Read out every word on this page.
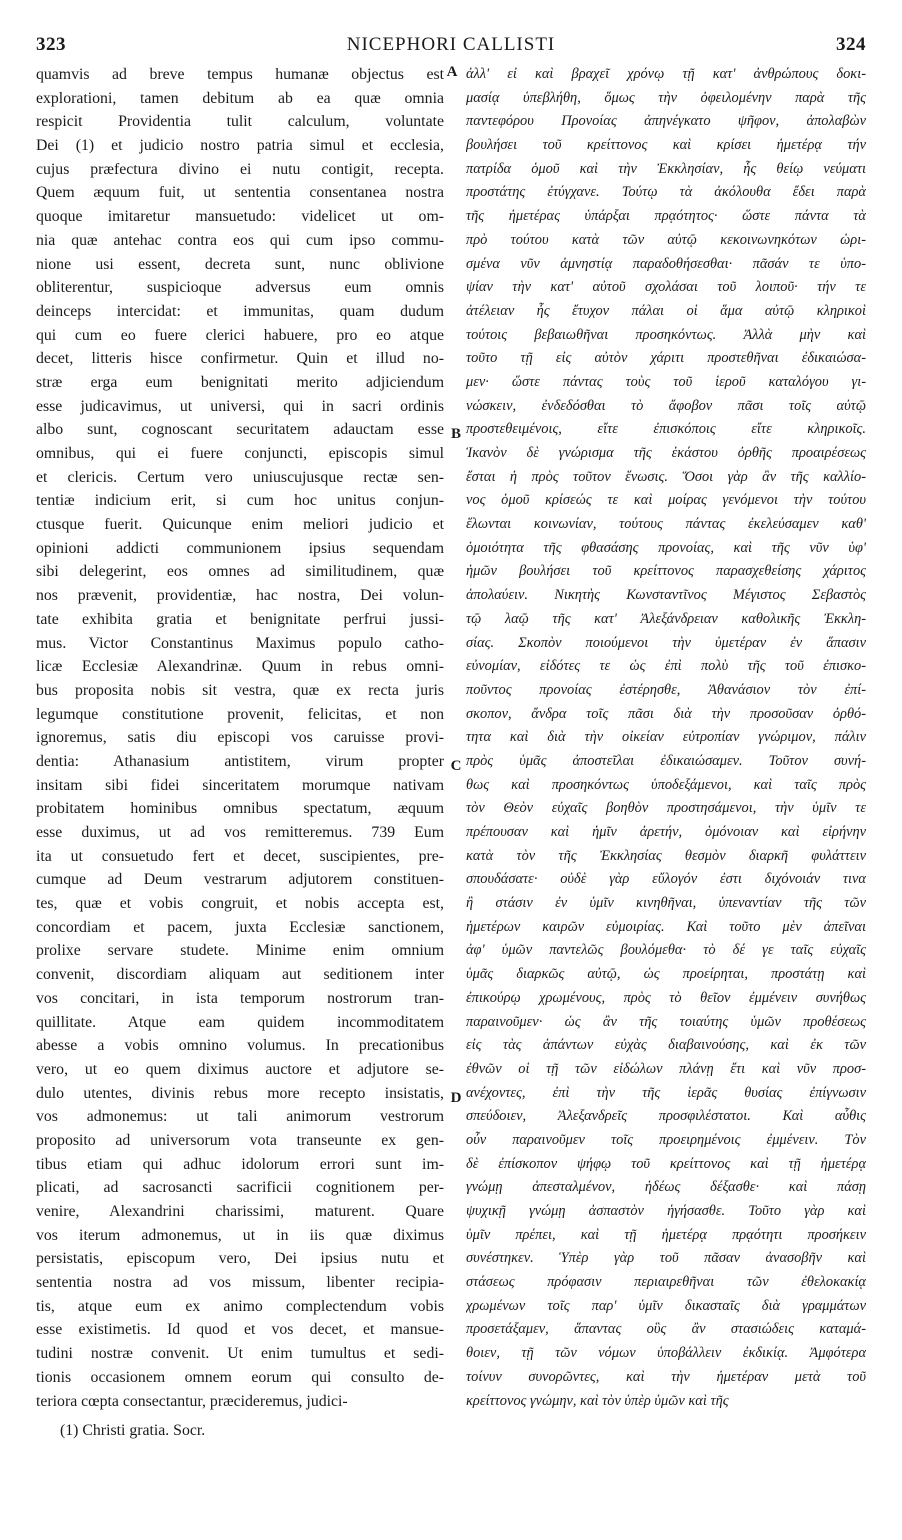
323	NICEPHORI CALLISTI	324
quamvis ad breve tempus humanæ objectus est
explorationi, tamen debitum ab ea quæ omnia
respicit Providentia tulit calculum, voluntate
Dei (1) et judicio nostro patria simul et ecclesia,
cujus præfectura divino ei nutu contigit, recepta.
Quem æquum fuit, ut sententia consentanea nostra
quoque imitaretur mansuetudo: videlicet ut om-
nia quæ antehac contra eos qui cum ipso commu-
nione usi essent, decreta sunt, nunc oblivione
obliterentur, suspicioque adversus eum omnis
deinceps intercidat: et immunitas, quam dudum
qui cum eo fuere clerici habuere, pro eo atque
decet, litteris hisce confirmetur. Quin et illud no-
stræ erga eum benignitati merito adjiciendum
esse judicavimus, ut universi, qui in sacri ordinis
albo sunt, cognoscant securitatem adauctam esse
omnibus, qui ei fuere conjuncti, episcopis simul
et clericis. Certum vero uniuscujusque rectæ sen-
tentiæ indicium erit, si cum hoc unitus conjun-
ctusque fuerit. Quicunque enim meliori judicio et
opinioni addicti communionem ipsius sequendam
sibi delegerint, eos omnes ad similitudinem, quæ
nos prævenit, providentiæ, hac nostra, Dei volun-
tate exhibita gratia et benignitate perfrui jussi-
mus. Victor Constantinus Maximus populo catho-
licæ Ecclesiæ Alexandrinæ. Quum in rebus omni-
bus proposita nobis sit vestra, quæ ex recta juris
legumque constitutione provenit, felicitas, et non
ignoremus, satis diu episcopi vos caruisse provi-
dentia: Athanasium antistitem, virum propter
insitam sibi fidei sinceritatem morumque nativam
probitatem hominibus omnibus spectatum, æquum
esse duximus, ut ad vos remitteremus. 739 Eum
ita ut consuetudo fert et decet, suscipientes, pre-
cumque ad Deum vestrarum adjutorem constituen-
tes, quæ et vobis congruit, et nobis accepta est,
concordiam et pacem, juxta Ecclesiæ sanctionem,
prolixe servare studete. Minime enim omnium
convenit, discordiam aliquam aut seditionem inter
vos concitari, in ista temporum nostrorum tran-
quillitate. Atque eam quidem incommoditatem
abesse a vobis omnino volumus. In precationibus
vero, ut eo quem diximus auctore et adjutore se-
dulo utentes, divinis rebus more recepto insistatis,
vos admonemus: ut tali animorum vestrorum
proposito ad universorum vota transeunte ex gen-
tibus etiam qui adhuc idolorum errori sunt im-
plicati, ad sacrosancti sacrificii cognitionem per-
venire, Alexandrini charissimi, maturent. Quare
vos iterum admonemus, ut in iis quæ diximus
persistatis, episcopum vero, Dei ipsius nutu et
sententia nostra ad vos missum, libenter recipia-
tis, atque eum ex animo complectendum vobis
esse existimetis. Id quod et vos decet, et mansue-
tudini nostræ convenit. Ut enim tumultus et sedi-
tionis occasionem omnem eorum qui consulto de-
teriora cœpta consectantur, præcideremus, judici-
A
B
C
D
ἀλλ' εἰ καὶ βραχεῖ χρόνῳ τῇ κατ' ἀνθρώπους δοκι-
μασίᾳ ὑπεβλήθη, ὅμως τὴν ὀφειλομένην παρὰ τῆς
παντεφόρου Προνοίας ἀπηνέγκατο ψῆφον, ἀπολαβὼν
βουλήσει τοῦ κρείττονος καὶ κρίσει ἡμετέρᾳ τήν
πατρίδα ὁμοῦ καὶ τὴν Ἐκκλησίαν, ἧς θείῳ νεύματι
προστάτης ἐτύγχανε. Τούτῳ τὰ ἀκόλουθα ἔδει παρὰ
τῆς ἡμετέρας ὑπάρξαι πρᾳότητος· ὥστε πάντα τὰ
πρὸ τούτου κατὰ τῶν αὐτῷ κεκοινωνηκότων ὡρι-
σμένα νῦν ἀμνηστίᾳ παραδοθήσεσθαι· πᾶσάν τε ὑπο-
ψίαν τὴν κατ' αὐτοῦ σχολάσαι τοῦ λοιποῦ· τήν τε
ἀτέλειαν ἧς ἔτυχον πάλαι οἱ ἅμα αὐτῷ κληρικοὶ
τούτοις βεβαιωθῆναι προσηκόντως. Ἀλλὰ μὴν καὶ
τοῦτο τῇ εἰς αὐτὸν χάριτι προστεθῆναι ἐδικαιώσα-
μεν· ὥστε πάντας τοὺς τοῦ ἱεροῦ καταλόγου γι-
νώσκειν, ἐνδεδόσθαι τὸ ἄφοβον πᾶσι τοῖς αὐτῷ
προστεθειμένοις, εἴτε ἐπισκόποις εἴτε κληρικοῖς.
Ἱκανὸν δὲ γνώρισμα τῆς ἑκάστου ὀρθῆς προαιρέσεως
ἔσται ἡ πρὸς τοῦτον ἕνωσις. Ὅσοι γὰρ ἂν τῆς καλλίο-
νος ὁμοῦ κρίσεώς τε καὶ μοίρας γενόμενοι τὴν τούτου
ἕλωνται κοινωνίαν, τούτους πάντας ἐκελεύσαμεν καθ'
ὁμοιότητα τῆς φθασάσης προνοίας, καὶ τῆς νῦν ὑφ'
ἡμῶν βουλήσει τοῦ κρείττονος παρασχεθείσης χάριτος
ἀπολαύειν. Νικητὴς Κωνσταντῖνος Μέγιστος Σεβαστὸς
τῷ λαῷ τῆς κατ' Ἀλεξάνδρειαν καθολικῆς Ἐκκλη-
σίας. Σκοπὸν ποιούμενοι τὴν ὑμετέραν ἐν ἅπασιν
εὐνομίαν, εἰδότες τε ὡς ἐπὶ πολὺ τῆς τοῦ ἐπισκο-
ποῦντος προνοίας ἐστέρησθε, Ἀθανάσιον τὸν ἐπί-
σκοπον, ἄνδρα τοῖς πᾶσι διὰ τὴν προσοῦσαν ὀρθό-
τητα καὶ διὰ τὴν οἰκείαν εὐτροπίαν γνώριμον, πάλιν
πρὸς ὑμᾶς ἀποστεῖλαι ἐδικαιώσαμεν. Τοῦτον συνή-
θως καὶ προσηκόντως ὑποδεξάμενοι, καὶ ταῖς πρὸς
τὸν Θεὸν εὐχαῖς βοηθὸν προστησάμενοι, τὴν ὑμῖν τε
πρέπουσαν καὶ ἡμῖν ἀρετήν, ὁμόνοιαν καὶ εἰρήνην
κατὰ τὸν τῆς Ἐκκλησίας θεσμὸν διαρκῆ φυλάττειν
σπουδάσατε· οὐδὲ γὰρ εὔλογόν ἐστι διχόνοιάν τινα
ἢ στάσιν ἐν ὑμῖν κινηθῆναι, ὑπεναντίαν τῆς τῶν
ἡμετέρων καιρῶν εὐμοιρίας. Καὶ τοῦτο μὲν ἀπεῖναι
ἀφ' ὑμῶν παντελῶς βουλόμεθα· τὸ δέ γε ταῖς εὐχαῖς
ὑμᾶς διαρκῶς αὐτῷ, ὡς προείρηται, προστάτῃ καὶ
ἐπικούρῳ χρωμένους, πρὸς τὸ θεῖον ἐμμένειν συνήθως
παραινοῦμεν· ὡς ἂν τῆς τοιαύτης ὑμῶν προθέσεως
εἰς τὰς ἁπάντων εὐχὰς διαβαινούσης, καὶ ἐκ τῶν
ἐθνῶν οἱ τῇ τῶν εἰδώλων πλάνῃ ἔτι καὶ νῦν προσ-
ανέχοντες, ἐπὶ τὴν τῆς ἱερᾶς θυσίας ἐπίγνωσιν
σπεύδοιεν, Ἀλεξανδρεῖς προσφιλέστατοι. Καὶ αὖθις
οὖν παραινοῦμεν τοῖς προειρημένοις ἐμμένειν. Τὸν
δὲ ἐπίσκοπον ψήφῳ τοῦ κρείττονος καὶ τῇ ἡμετέρᾳ
γνώμῃ ἀπεσταλμένον, ἡδέως δέξασθε· καὶ πάσῃ
ψυχικῇ γνώμῃ ἀσπαστὸν ἡγήσασθε. Τοῦτο γὰρ καὶ
ὑμῖν πρέπει, καὶ τῇ ἡμετέρᾳ πρᾳότητι προσήκειν
συνέστηκεν. Ὑπὲρ γὰρ τοῦ πᾶσαν ἀνασοβῆν καὶ
στάσεως πρόφασιν περιαιρεθῆναι τῶν ἐθελοκακίᾳ
χρωμένων τοῖς παρ' ὑμῖν δικασταῖς διὰ γραμμάτων
προσετάξαμεν, ἅπαντας οὓς ἂν στασιώδεις καταμά-
θοιεν, τῇ τῶν νόμων ὑποβάλλειν ἐκδικίᾳ. Ἀμφότερα
τοίνυν συνορῶντες, καὶ τὴν ἡμετέραν μετὰ τοῦ
κρείττονος γνώμην, καὶ τὸν ὑπὲρ ὑμῶν καὶ τῆς
(1) Christi gratia. Socr.
